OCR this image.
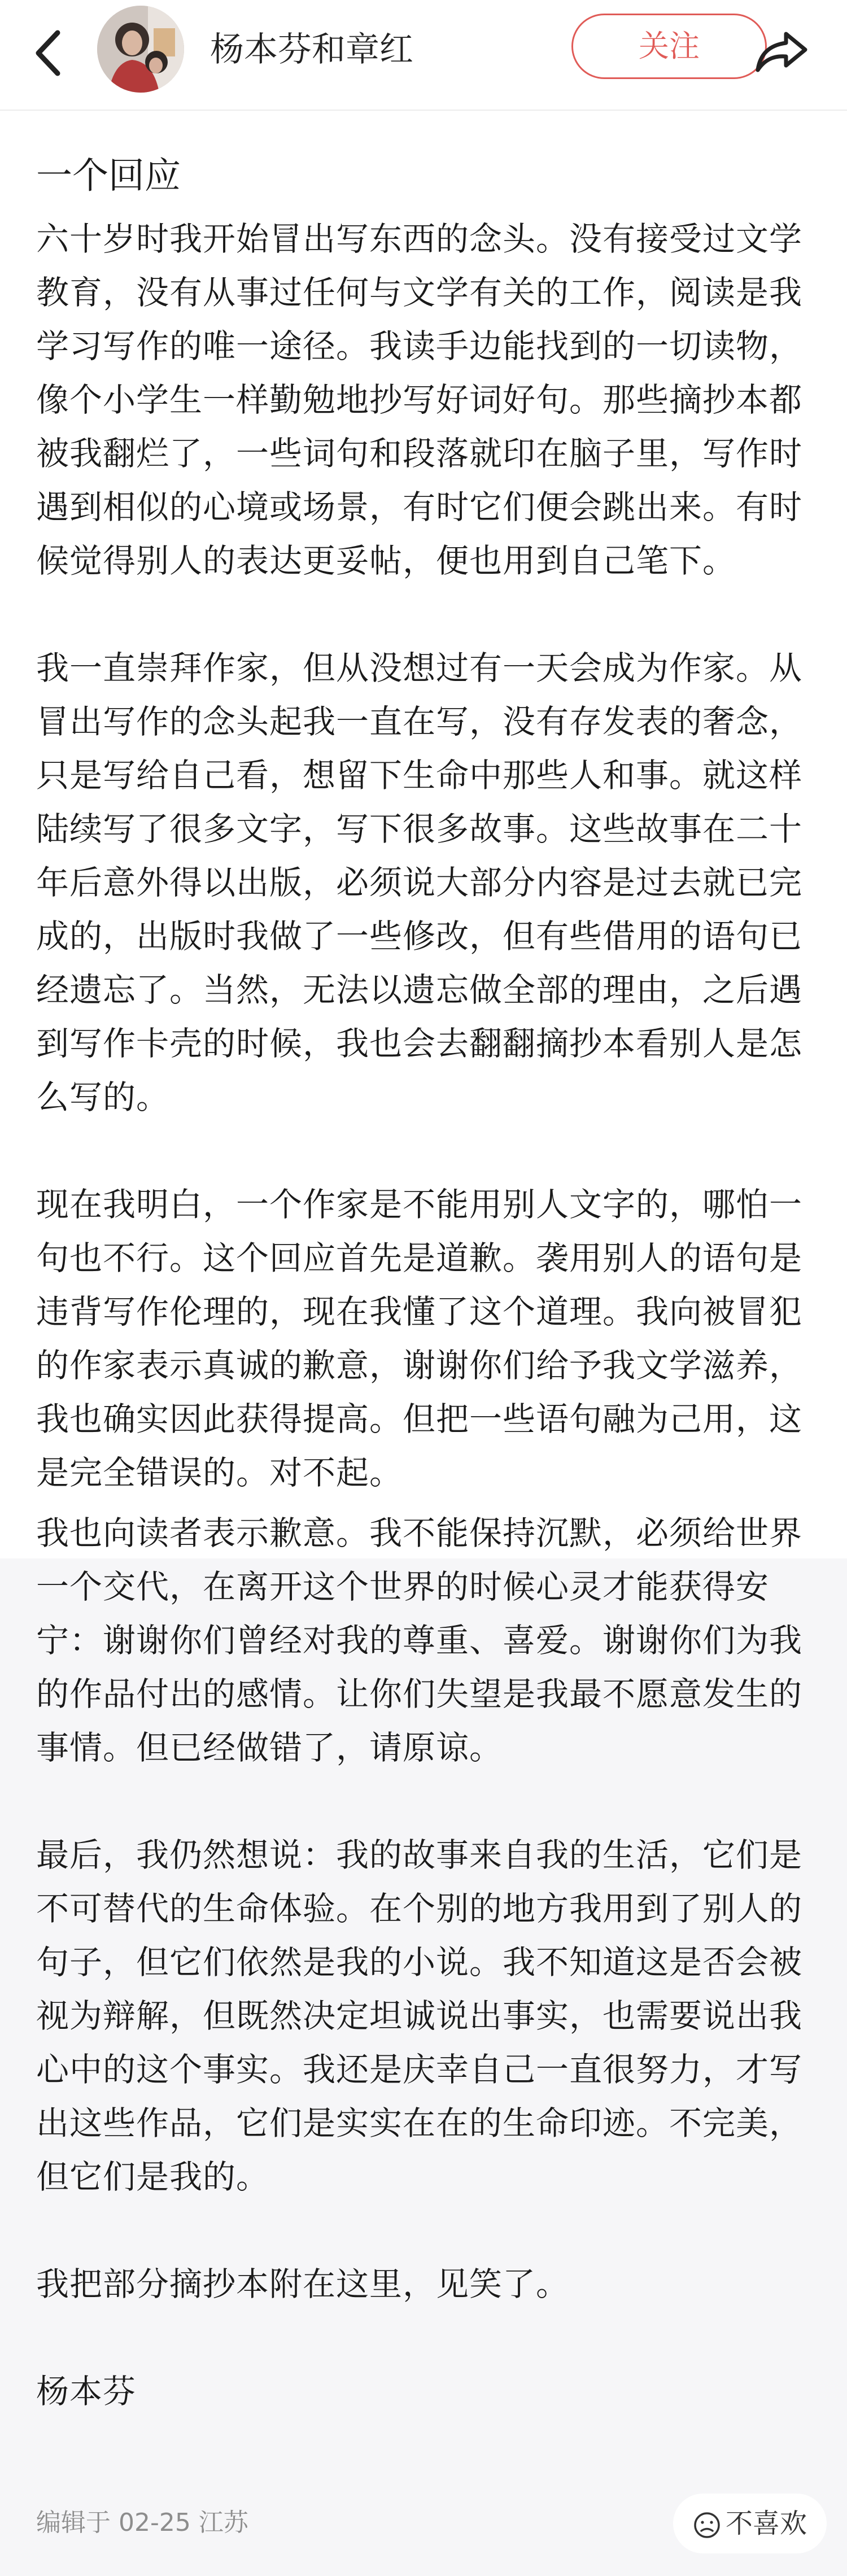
杨本芬和章红	关注
一个回应

六十岁时我开始冒出写东西的念头。没有接受过文学教育，没有从事过任何与文学有关的工作，阅读是我学习写作的唯一途径。我读手边能找到的一切读物，像个小学生一样勤勉地抄写好词好句。那些摘抄本都被我翻烂了，一些词句和段落就印在脑子里，写作时遇到相似的心境或场景，有时它们便会跳出来。有时候觉得别人的表达更妥帖，便也用到自己笔下。

我一直崇拜作家，但从没想过有一天会成为作家。从冒出写作的念头起我一直在写，没有存发表的奢念，只是写给自己看，想留下生命中那些人和事。就这样陆续写了很多文字，写下很多故事。这些故事在二十年后意外得以出版，必须说大部分内容是过去就已完成的，出版时我做了一些修改，但有些借用的语句已经遗忘了。当然，无法以遗忘做全部的理由，之后遇到写作卡壳的时候，我也会去翻翻摘抄本看别人是怎么写的。

现在我明白，一个作家是不能用别人文字的，哪怕一句也不行。这个回应首先是道歉。袭用别人的语句是违背写作伦理的，现在我懂了这个道理。我向被冒犯的作家表示真诚的歉意，谢谢你们给予我文学滋养，我也确实因此获得提高。但把一些语句融为己用，这是完全错误的。对不起。

我也向读者表示歉意。我不能保持沉默，必须给世界一个交代，在离开这个世界的时候心灵才能获得安宁：谢谢你们曾经对我的尊重、喜爱。谢谢你们为我的作品付出的感情。让你们失望是我最不愿意发生的事情。但已经做错了，请原谅。

最后，我仍然想说：我的故事来自我的生活，它们是不可替代的生命体验。在个别的地方我用到了别人的句子，但它们依然是我的小说。我不知道这是否会被视为辩解，但既然决定坦诚说出事实，也需要说出我心中的这个事实。我还是庆幸自己一直很努力，才写出这些作品，它们是实实在在的生命印迹。不完美，但它们是我的。

我把部分摘抄本附在这里，见笑了。

杨本芬

编辑于 02-25 江苏	不喜欢
